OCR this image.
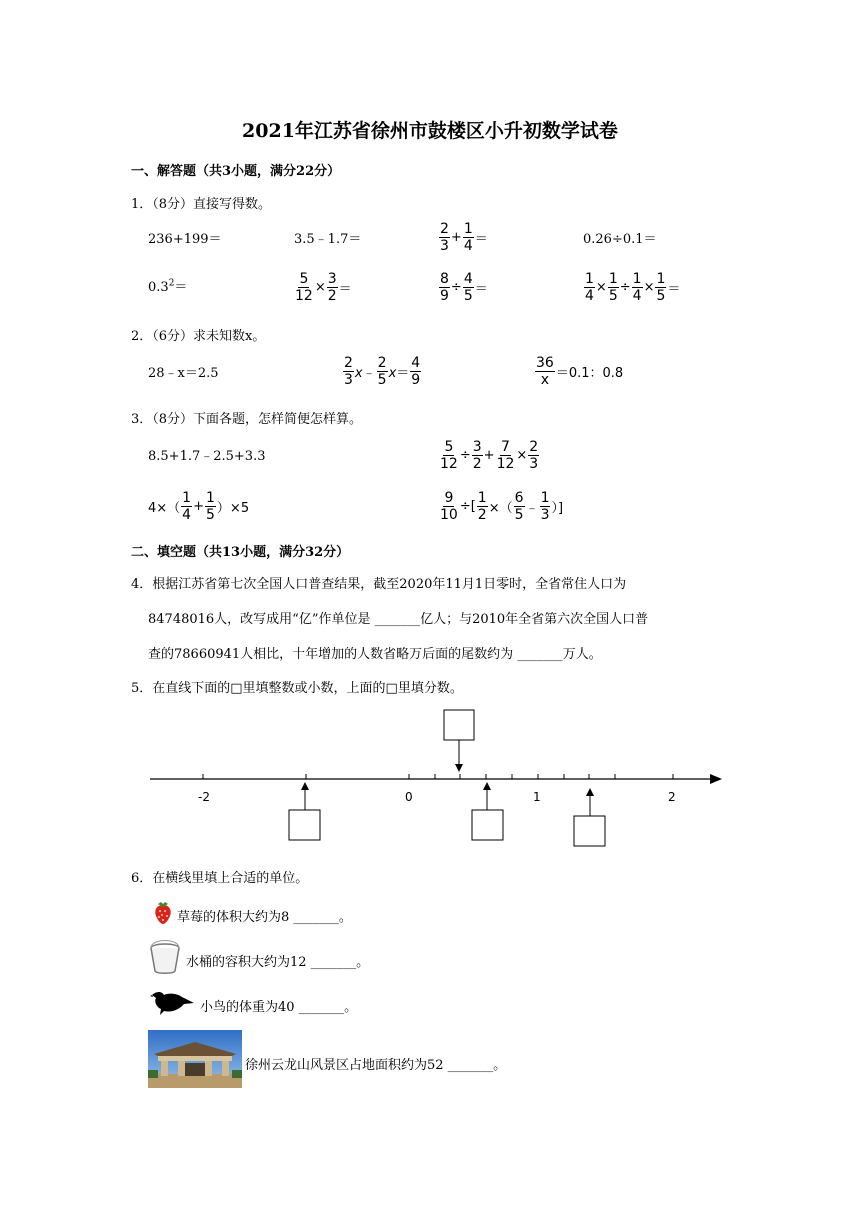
2021年江苏省徐州市鼓楼区小升初数学试卷
一、解答题（共3小题，满分22分）
1．（8分）直接写得数。
236+199＝	3.5﹣1.7＝	$\frac{2}{3} + \frac{1}{4}$ ＝	0.26÷0.1＝
$0.3^2=$	$\frac{5}{12} \times \frac{3}{2}$ ＝	$\frac{8}{9} \div \frac{4}{5}$ ＝	$\frac{1}{4} \times \frac{1}{5} \div \frac{1}{4} \times \frac{1}{5}$ ＝
2．（6分）求未知数x。
28﹣x＝2.5	$\frac{2}{3}$ x﹣ $\frac{2}{5} x= \frac{4}{9}$	$\frac{36}{x} =0.1$：0.8
3．（8分）下面各题，怎样简便怎样算。
8.5+1.7﹣2.5+3.3	$\frac{5}{12} \div \frac{3}{2} + \frac{7}{12} \times \frac{2}{3}$
$4\times( \frac{1}{4} + \frac{1}{5} )\times 5$	$\frac{9}{10}$ ÷[ $\frac{1}{2}$ ×（ $\frac{6}{5}$ ﹣ $\frac{1}{3}$ ）]
二、填空题（共13小题，满分32分）
4．根据江苏省第七次全国人口普查结果，截至2020年11月1日零时，全省常住人口为
84748016人，改写成用“亿”作单位是 _______亿人；与2010年全省第六次全国人口普
查的78660941人相比，十年增加的人数省略万后面的尾数约为 _______万人。
5．在直线下面的□里填整数或小数，上面的□里填分数。
-2	0	1	2
6．在横线里填上合适的单位。
草莓的体积大约为8 _______。
水桶的容积大约为12 _______。
小鸟的体重为40 _______。
徐州云龙山风景区占地面积约为52 _______。
